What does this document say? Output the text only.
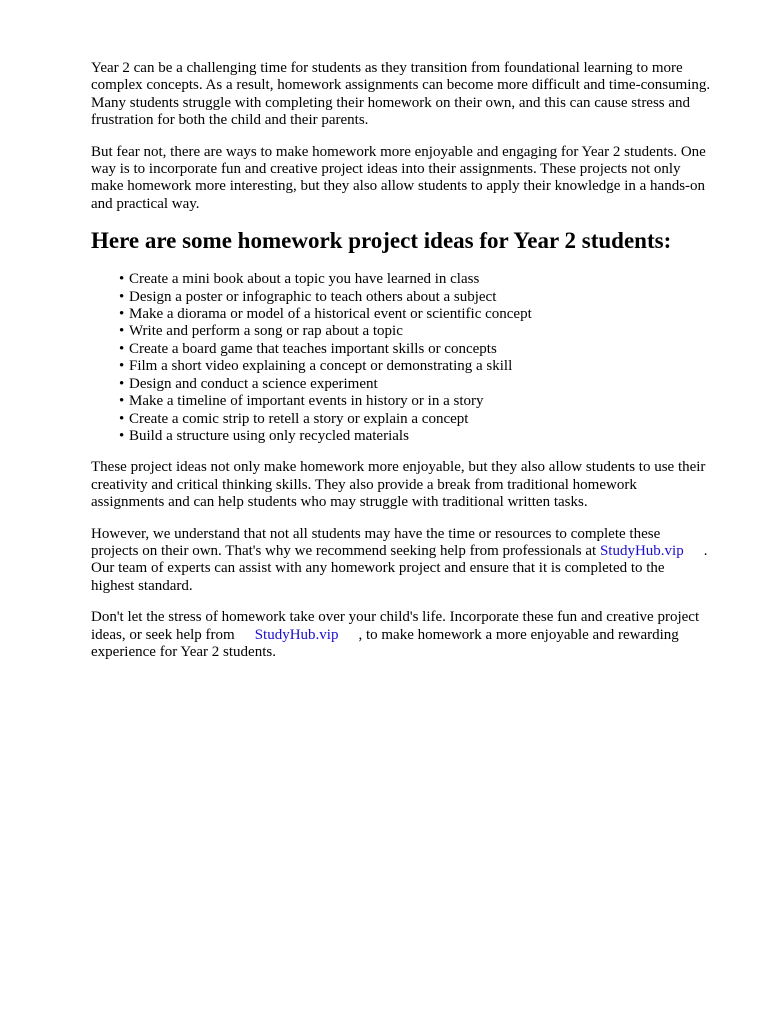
Year 2 can be a challenging time for students as they transition from foundational learning to more complex concepts. As a result, homework assignments can become more difficult and time-consuming. Many students struggle with completing their homework on their own, and this can cause stress and frustration for both the child and their parents.

But fear not, there are ways to make homework more enjoyable and engaging for Year 2 students. One way is to incorporate fun and creative project ideas into their assignments. These projects not only make homework more interesting, but they also allow students to apply their knowledge in a hands-on and practical way.

Here are some homework project ideas for Year 2 students:
• Create a mini book about a topic you have learned in class
• Design a poster or infographic to teach others about a subject
• Make a diorama or model of a historical event or scientific concept
• Write and perform a song or rap about a topic
• Create a board game that teaches important skills or concepts
• Film a short video explaining a concept or demonstrating a skill
• Design and conduct a science experiment
• Make a timeline of important events in history or in a story
• Create a comic strip to retell a story or explain a concept
• Build a structure using only recycled materials

These project ideas not only make homework more enjoyable, but they also allow students to use their creativity and critical thinking skills. They also provide a break from traditional homework assignments and can help students who may struggle with traditional written tasks.

However, we understand that not all students may have the time or resources to complete these projects on their own. That's why we recommend seeking help from professionals at StudyHub.vip . Our team of experts can assist with any homework project and ensure that it is completed to the highest standard.

Don't let the stress of homework take over your child's life. Incorporate these fun and creative project ideas, or seek help from StudyHub.vip , to make homework a more enjoyable and rewarding experience for Year 2 students.
